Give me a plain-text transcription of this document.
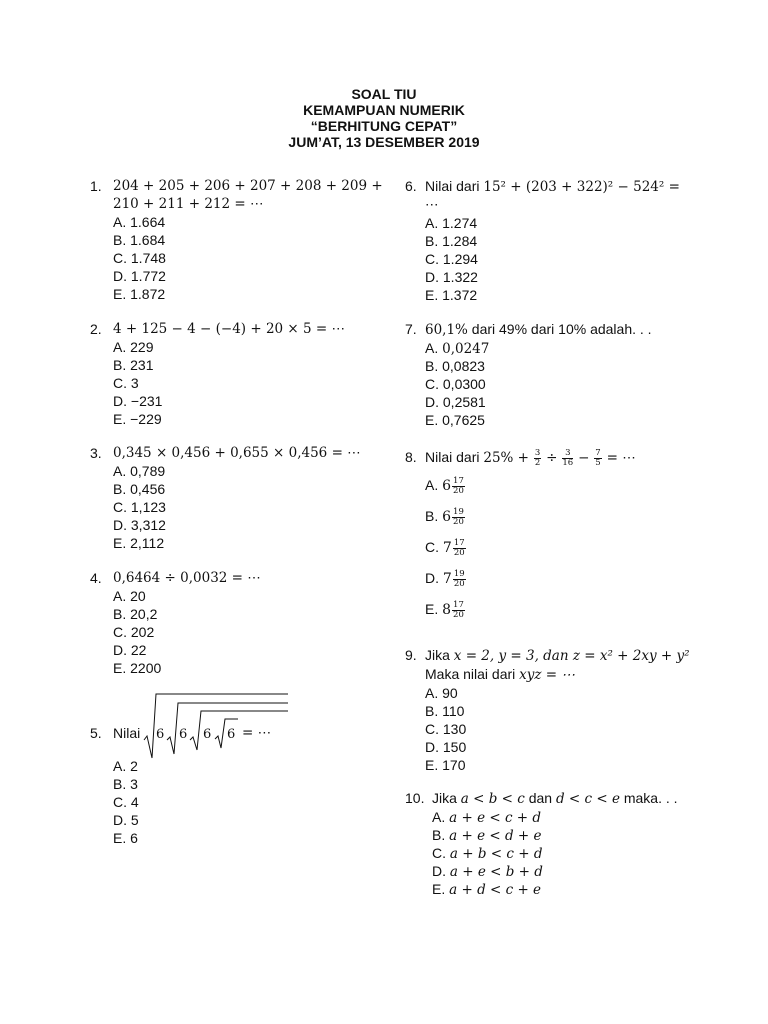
SOAL TIU
KEMAMPUAN NUMERIK
“BERHITUNG CEPAT”
JUM’AT, 13 DESEMBER 2019
1. 204 + 205 + 206 + 207 + 208 + 209 +
210 + 211 + 212 = ⋯
A. 1.664
B. 1.684
C. 1.748
D. 1.772
E. 1.872
2. 4 + 125 − 4 − (−4) + 20 × 5 = ⋯
A. 229
B. 231
C. 3
D. −231
E. −229
3. 0,345 × 0,456 + 0,655 × 0,456 = ⋯
A. 0,789
B. 0,456
C. 1,123
D. 3,312
E. 2,112
4. 0,6464 ÷ 0,0032 = ⋯
A. 20
B. 20,2
C. 202
D. 22
E. 2200
5. Nilai 6 6 6 6 = ⋯
A. 2
B. 3
C. 4
D. 5
E. 6
6. Nilai dari 15² + (203 + 322)² − 524² =
⋯
A. 1.274
B. 1.284
C. 1.294
D. 1.322
E. 1.372
7. 60,1% dari 49% dari 10% adalah. . .
A. 0,0247
B. 0,0823
C. 0,0300
D. 0,2581
E. 0,7625
8. Nilai dari $25\% + \frac{3}{2} \div \frac{3}{16} - \frac{7}{5}$ = ⋯
A. $6 \frac{17}{20}$
B. $6 \frac{19}{20}$
C. $7 \frac{17}{20}$
D. $7 \frac{19}{20}$
E. $8 \frac{17}{20}$
9. Jika x = 2, y = 3, dan z = x² + 2xy + y²
Maka nilai dari xyz = ⋯
A. 90
B. 110
C. 130
D. 150
E. 170
10. Jika a < b < c dan d < c < e maka. . .
A. a + e < c + d
B. a + e < d + e
C. a + b < c + d
D. a + e < b + d
E. a + d < c + e
